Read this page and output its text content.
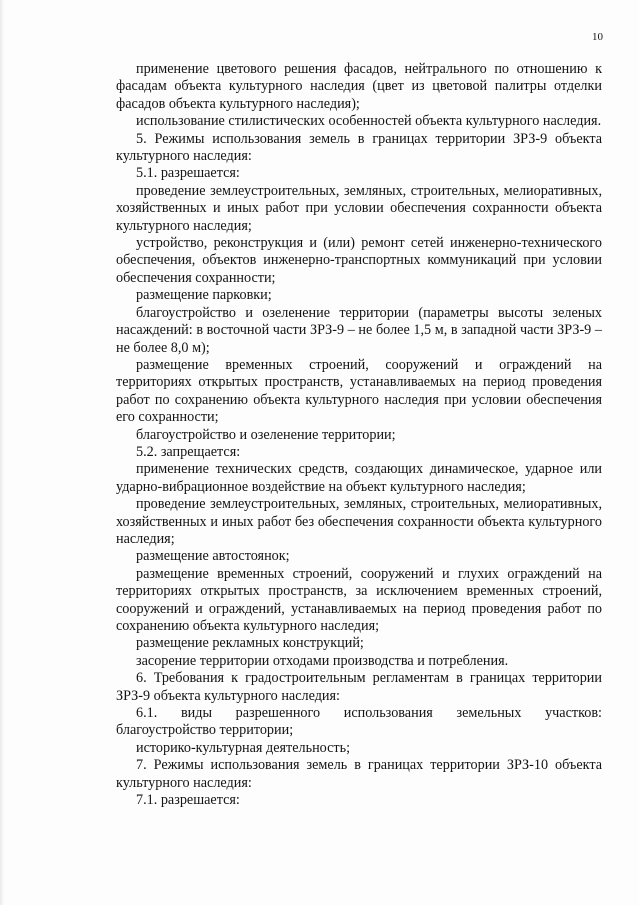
10

применение цветового решения фасадов, нейтрального по отношению к фасадам объекта культурного наследия (цвет из цветовой палитры отделки фасадов объекта культурного наследия);

использование стилистических особенностей объекта культурного наследия.

5. Режимы использования земель в границах территории ЗРЗ-9 объекта культурного наследия:

5.1. разрешается:

проведение землеустроительных, земляных, строительных, мелиоративных, хозяйственных и иных работ при условии обеспечения сохранности объекта культурного наследия;

устройство, реконструкция и (или) ремонт сетей инженерно-технического обеспечения, объектов инженерно-транспортных коммуникаций при условии обеспечения сохранности;

размещение парковки;

благоустройство и озеленение территории (параметры высоты зеленых насаждений: в восточной части ЗРЗ-9 – не более 1,5 м, в западной части ЗРЗ-9 – не более 8,0 м);

размещение временных строений, сооружений и ограждений на территориях открытых пространств, устанавливаемых на период проведения работ по сохранению объекта культурного наследия при условии обеспечения его сохранности;

благоустройство и озеленение территории;

5.2. запрещается:

применение технических средств, создающих динамическое, ударное или ударно-вибрационное воздействие на объект культурного наследия;

проведение землеустроительных, земляных, строительных, мелиоративных, хозяйственных и иных работ без обеспечения сохранности объекта культурного наследия;

размещение автостоянок;

размещение временных строений, сооружений и глухих ограждений на территориях открытых пространств, за исключением временных строений, сооружений и ограждений, устанавливаемых на период проведения работ по сохранению объекта культурного наследия;

размещение рекламных конструкций;

засорение территории отходами производства и потребления.

6. Требования к градостроительным регламентам в границах территории ЗРЗ-9 объекта культурного наследия:

6.1. виды разрешенного использования земельных участков: благоустройство территории;

историко-культурная деятельность;

7. Режимы использования земель в границах территории ЗРЗ-10 объекта культурного наследия:

7.1. разрешается:
